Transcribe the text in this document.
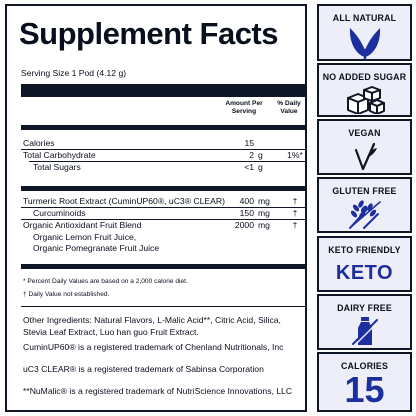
Supplement Facts
Serving Size 1 Pod (4.12 g)
Amount Per Serving
% Daily Value
Calories	15
Total Carbohydrate	2 g	1%*
Total Sugars	<1 g
Turmeric Root Extract (CuminUP60®, uC3® CLEAR)	400 mg	†
Curcuminoids	150 mg	†
Organic Antioxidant Fruit Blend	2000 mg	†
Organic Lemon Fruit Juice,
Organic Pomegranate Fruit Juice
* Percent Daily Values are based on a 2,000 calorie diet.
† Daily Value not established.
Other Ingredients: Natural Flavors, L-Malic Acid**, Citric Acid, Silica, Stevia Leaf Extract, Luo han guo Fruit Extract.
CuminUP60® is a registered trademark of Chenland Nutritionals, Inc
uC3 CLEAR® is a registered trademark of Sabinsa Corporation
**NuMalic® is a registered trademark of NutriScience Innovations, LLC
ALL NATURAL
NO ADDED SUGAR
VEGAN
GLUTEN FREE
KETO FRIENDLY
KETO
DAIRY FREE
CALORIES
15
